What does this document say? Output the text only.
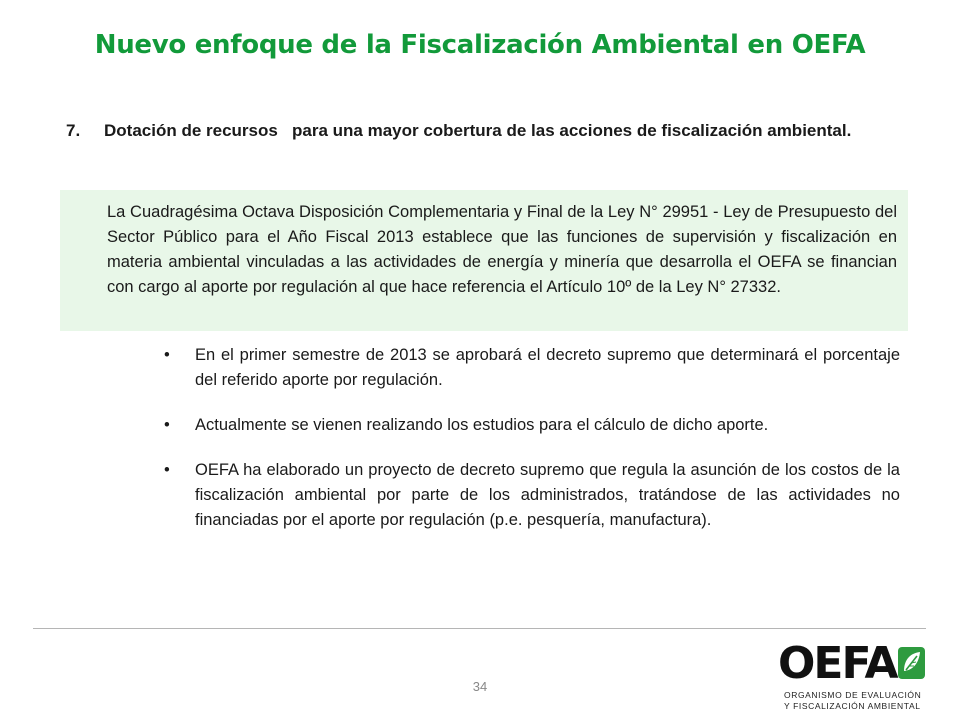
Nuevo enfoque de la Fiscalización Ambiental en OEFA
7. Dotación de recursos   para una mayor cobertura de las acciones de fiscalización ambiental.

La Cuadragésima Octava Disposición Complementaria y Final de la Ley N° 29951 - Ley de Presupuesto del Sector Público para el Año Fiscal 2013 establece que las funciones de supervisión y fiscalización en materia ambiental vinculadas a las actividades de energía y minería que desarrolla el OEFA se financian con cargo al aporte por regulación al que hace referencia el Artículo 10º de la Ley N° 27332.

• En el primer semestre de 2013 se aprobará el decreto supremo que determinará el porcentaje del referido aporte por regulación.
• Actualmente se vienen realizando los estudios para el cálculo de dicho aporte.
• OEFA ha elaborado un proyecto de decreto supremo que regula la asunción de los costos de la fiscalización ambiental por parte de los administrados, tratándose de las actividades no financiadas por el aporte por regulación (p.e. pesquería, manufactura).
34	OEFA
ORGANISMO DE EVALUACIÓN
Y FISCALIZACIÓN AMBIENTAL
